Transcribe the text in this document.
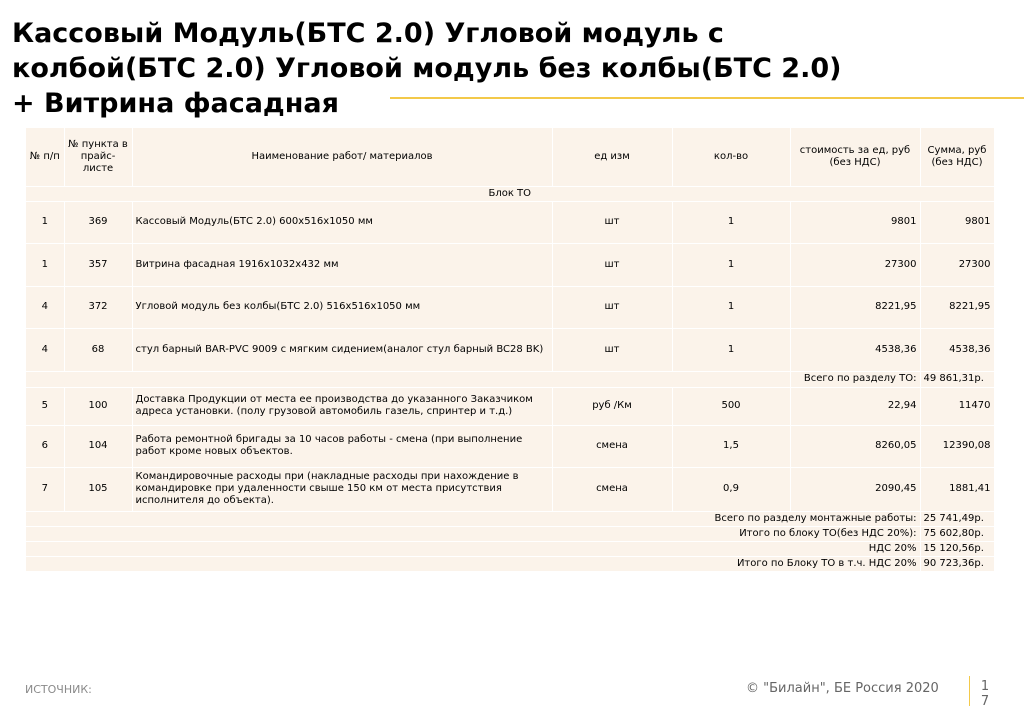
Кассовый Модуль(БТС 2.0) Угловой модуль с
колбой(БТС 2.0) Угловой модуль без колбы(БТС 2.0)
+ Витрина фасадная
№ п/п	№ пункта в прайс-листе	Наименование работ/ материалов	ед изм	кол-во	стоимость за ед, руб (без НДС)	Сумма, руб (без НДС)
Блок ТО						
1	369	Кассовый Модуль(БТС 2.0) 600x516x1050 мм	шт	1	9801	9801
1	357	Витрина фасадная 1916x1032x432 мм	шт	1	27300	27300
4	372	Угловой модуль без колбы(БТС 2.0) 516x516x1050 мм	шт	1	8221,95	8221,95
4	68	стул барный BAR-PVC 9009 с мягким сидением(аналог стул барный BC28 BK)	шт	1	4538,36	4538,36
					Всего по разделу ТО:	49 861,31р.
5	100	Доставка Продукции от места ее производства до указанного Заказчиком адреса установки. (полу грузовой автомобиль газель, спринтер и т.д.)	руб /Км	500	22,94	11470
6	104	Работа ремонтной бригады за 10 часов работы - смена (при выполнение работ кроме новых объектов.	смена	1,5	8260,05	12390,08
7	105	Командировочные расходы при (накладные расходы при нахождение в командировке при удаленности свыше 150 км от места присутствия исполнителя до объекта).	смена	0,9	2090,45	1881,41
Всего по разделу монтажные работы:						25 741,49р.
Итого по блоку ТО(без НДС 20%):						75 602,80р.
НДС 20%						15 120,56р.
Итого по Блоку ТО в т.ч. НДС 20%						90 723,36р.
ИСТОЧНИК:	© "Билайн", БЕ Россия 2020	1
7
